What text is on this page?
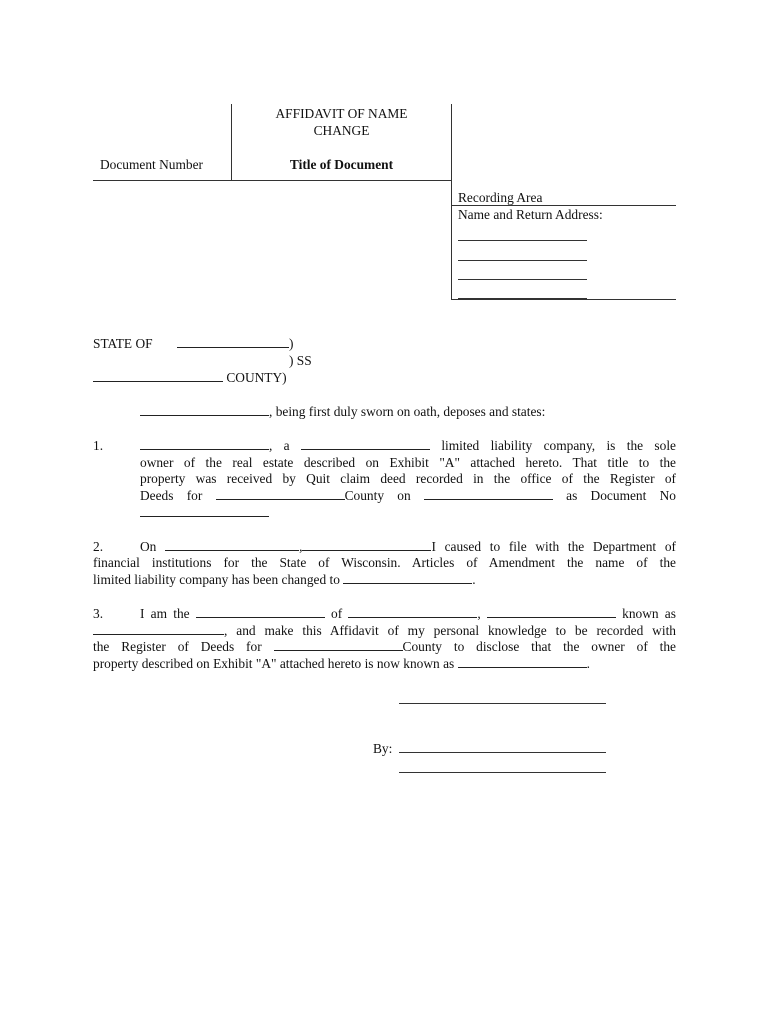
AFFIDAVIT OF NAME
CHANGE
Document Number	Title of Document
Recording Area
Name and Return Address:
STATE OF	)
) SS
COUNTY)
, being first duly sworn on oath, deposes and states:
1.	, a	limited liability company, is the sole
owner of the real estate described on Exhibit "A" attached hereto. That title to the
property was received by Quit claim deed recorded in the office of the Register of
Deeds for	County on	as Document No
2.	On	,	I caused to file with the Department of
financial institutions for the State of Wisconsin. Articles of Amendment the name of the
limited liability company has been changed to	.
3.	I am the	of	,	known as
, and make this Affidavit of my personal knowledge to be recorded with
the Register of Deeds for	County to disclose that the owner of the
property described on Exhibit "A" attached hereto is now known as	.
By:
